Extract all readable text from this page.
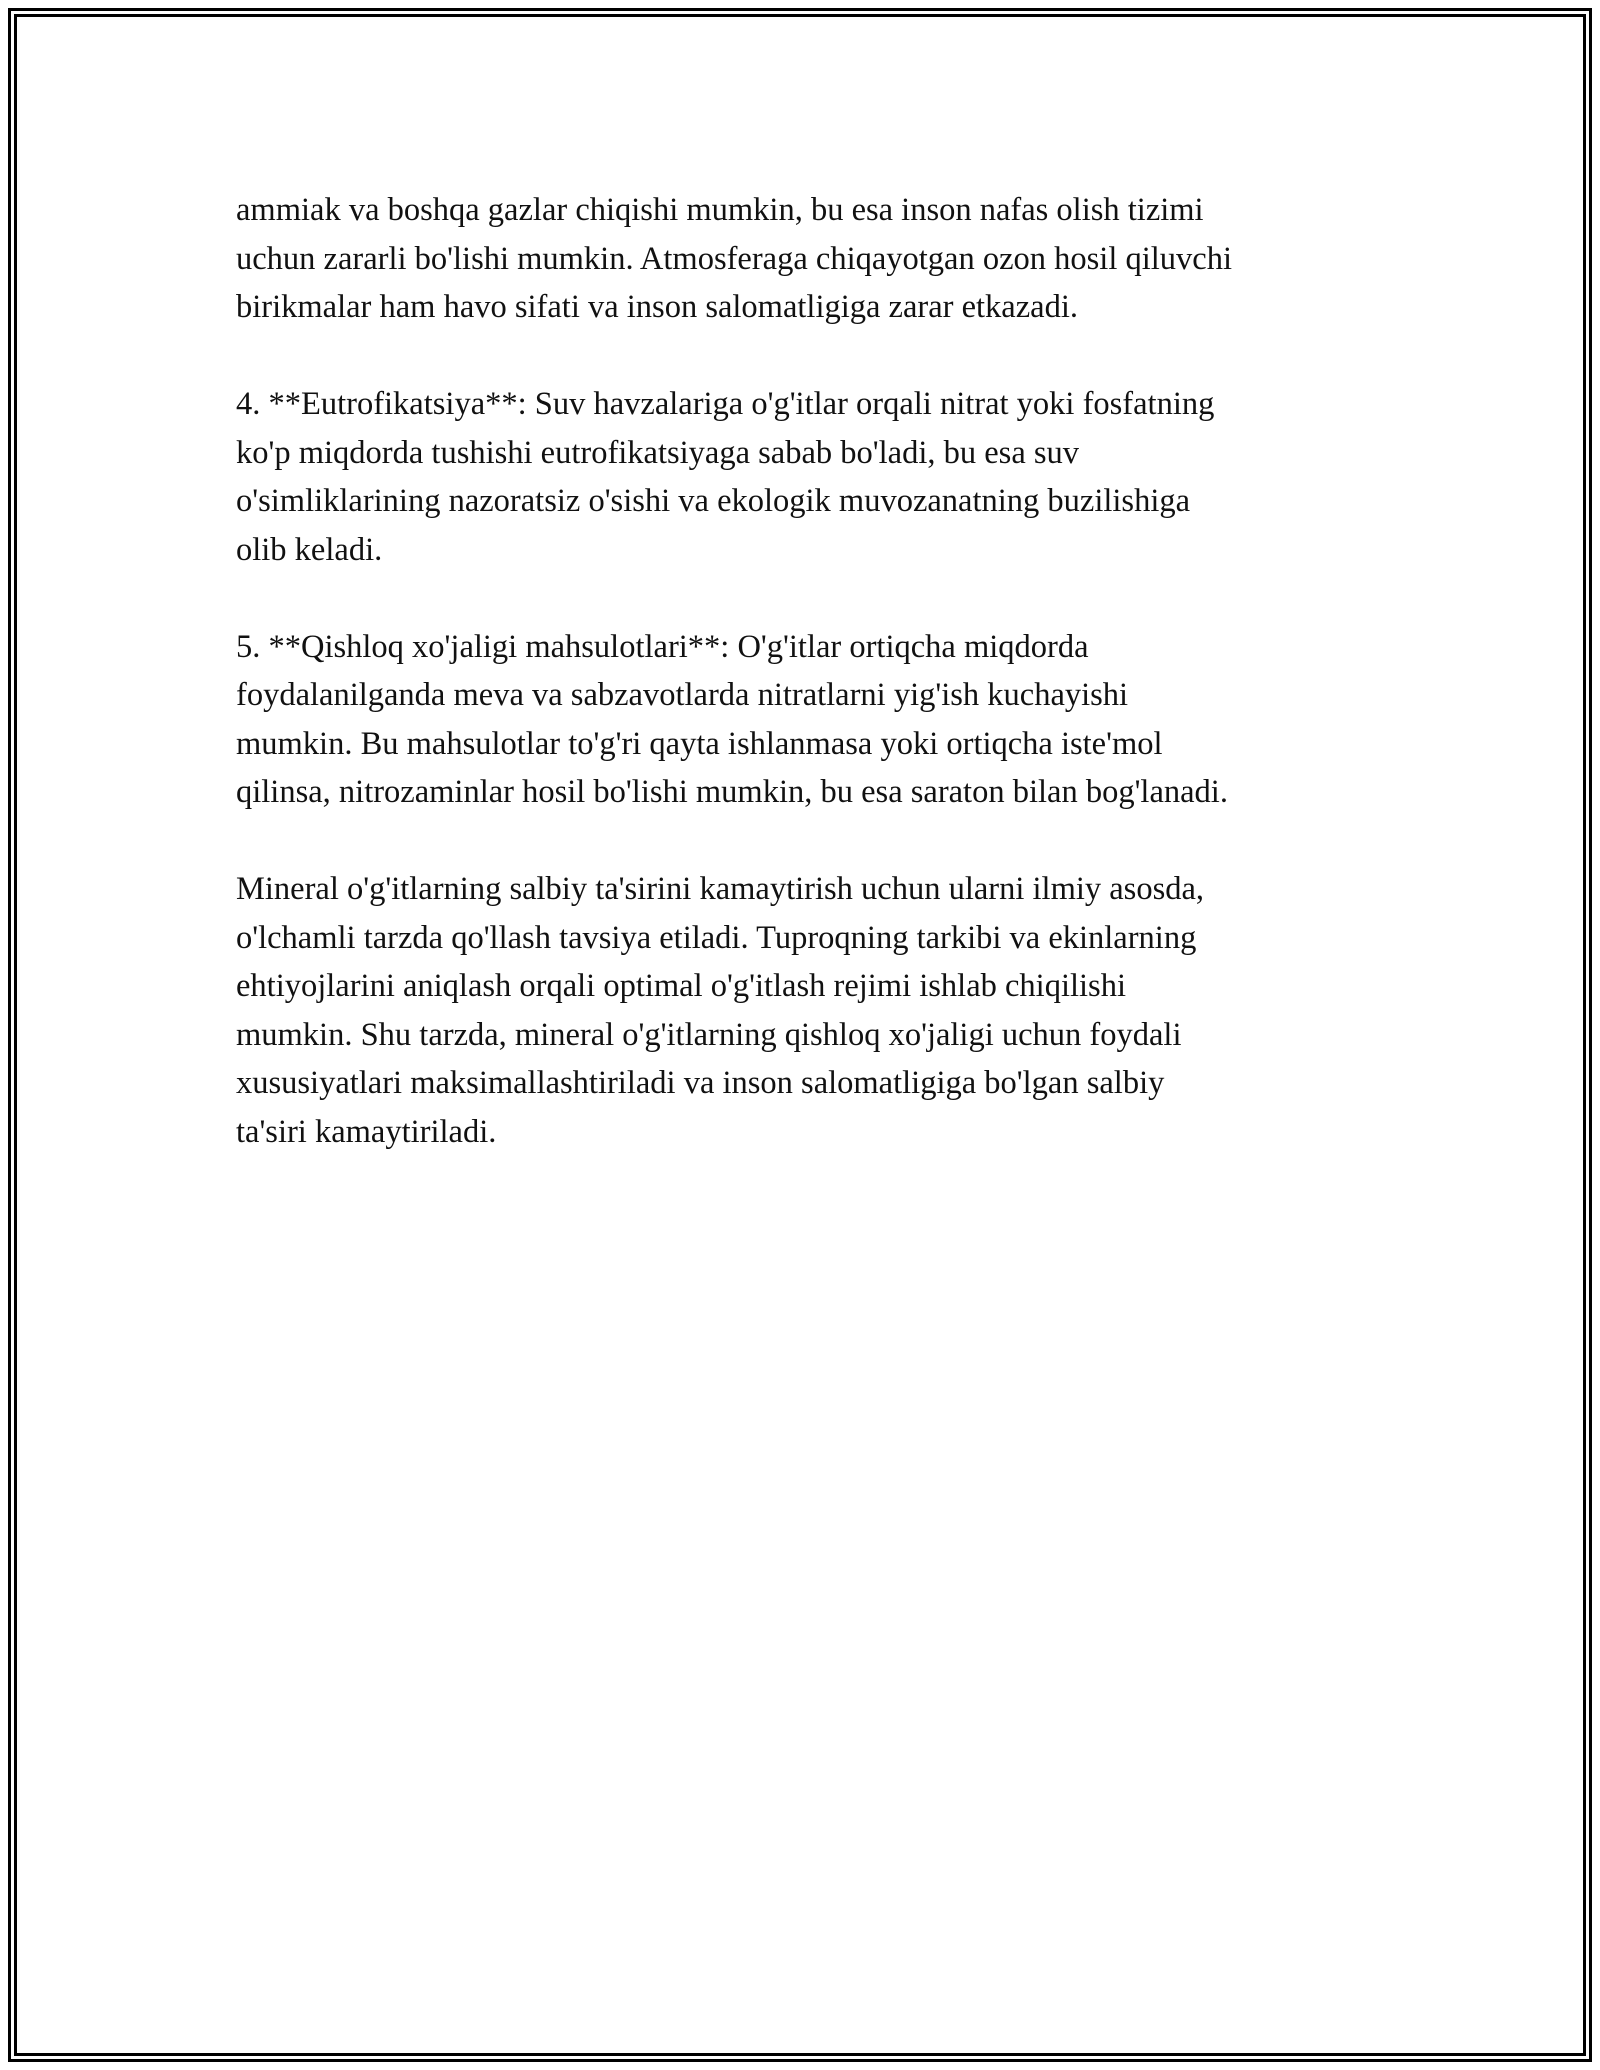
ammiak va boshqa gazlar chiqishi mumkin, bu esa inson nafas olish tizimi
uchun zararli bo'lishi mumkin. Atmosferaga chiqayotgan ozon hosil qiluvchi
birikmalar ham havo sifati va inson salomatligiga zarar etkazadi.
4. **Eutrofikatsiya**: Suv havzalariga o'g'itlar orqali nitrat yoki fosfatning
ko'p miqdorda tushishi eutrofikatsiyaga sabab bo'ladi, bu esa suv
o'simliklarining nazoratsiz o'sishi va ekologik muvozanatning buzilishiga
olib keladi.
5. **Qishloq xo'jaligi mahsulotlari**: O'g'itlar ortiqcha miqdorda
foydalanilganda meva va sabzavotlarda nitratlarni yig'ish kuchayishi
mumkin. Bu mahsulotlar to'g'ri qayta ishlanmasa yoki ortiqcha iste'mol
qilinsa, nitrozaminlar hosil bo'lishi mumkin, bu esa saraton bilan bog'lanadi.
Mineral o'g'itlarning salbiy ta'sirini kamaytirish uchun ularni ilmiy asosda,
o'lchamli tarzda qo'llash tavsiya etiladi. Tuproqning tarkibi va ekinlarning
ehtiyojlarini aniqlash orqali optimal o'g'itlash rejimi ishlab chiqilishi
mumkin. Shu tarzda, mineral o'g'itlarning qishloq xo'jaligi uchun foydali
xususiyatlari maksimallashtiriladi va inson salomatligiga bo'lgan salbiy
ta'siri kamaytiriladi.
